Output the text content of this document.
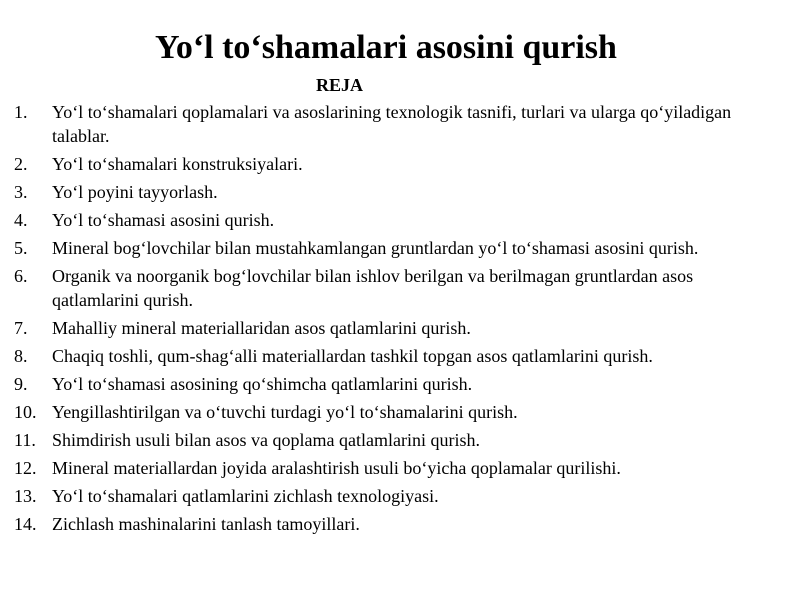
Yo‘l to‘shamalari asosini qurish
REJA
1.	Yo‘l to‘shamalari qoplamalari va asoslarining texnologik tasnifi, turlari va ularga qo‘yiladigan talablar.
2.	Yo‘l to‘shamalari konstruksiyalari.
3.	Yo‘l poyini tayyorlash.
4.	Yo‘l to‘shamasi asosini qurish.
5.	Mineral bog‘lovchilar bilan mustahkamlangan gruntlardan yo‘l to‘shamasi asosini qurish.
6.	Organik va noorganik bog‘lovchilar bilan ishlov berilgan va berilmagan gruntlardan asos qatlamlarini qurish.
7.	Mahalliy mineral materiallaridan asos qatlamlarini qurish.
8.	Chaqiq toshli, qum-shag‘alli materiallardan tashkil topgan asos qatlamlarini qurish.
9.	Yo‘l to‘shamasi asosining qo‘shimcha qatlamlarini qurish.
10. Yengillashtirilgan va o‘tuvchi turdagi yo‘l to‘shamalarini qurish.
11. Shimdirish usuli bilan asos va qoplama qatlamlarini qurish.
12. Mineral materiallardan joyida aralashtirish usuli bo‘yicha qoplamalar qurilishi.
13. Yo‘l to‘shamalari qatlamlarini zichlash texnologiyasi.
14. Zichlash mashinalarini tanlash tamoyillari.
